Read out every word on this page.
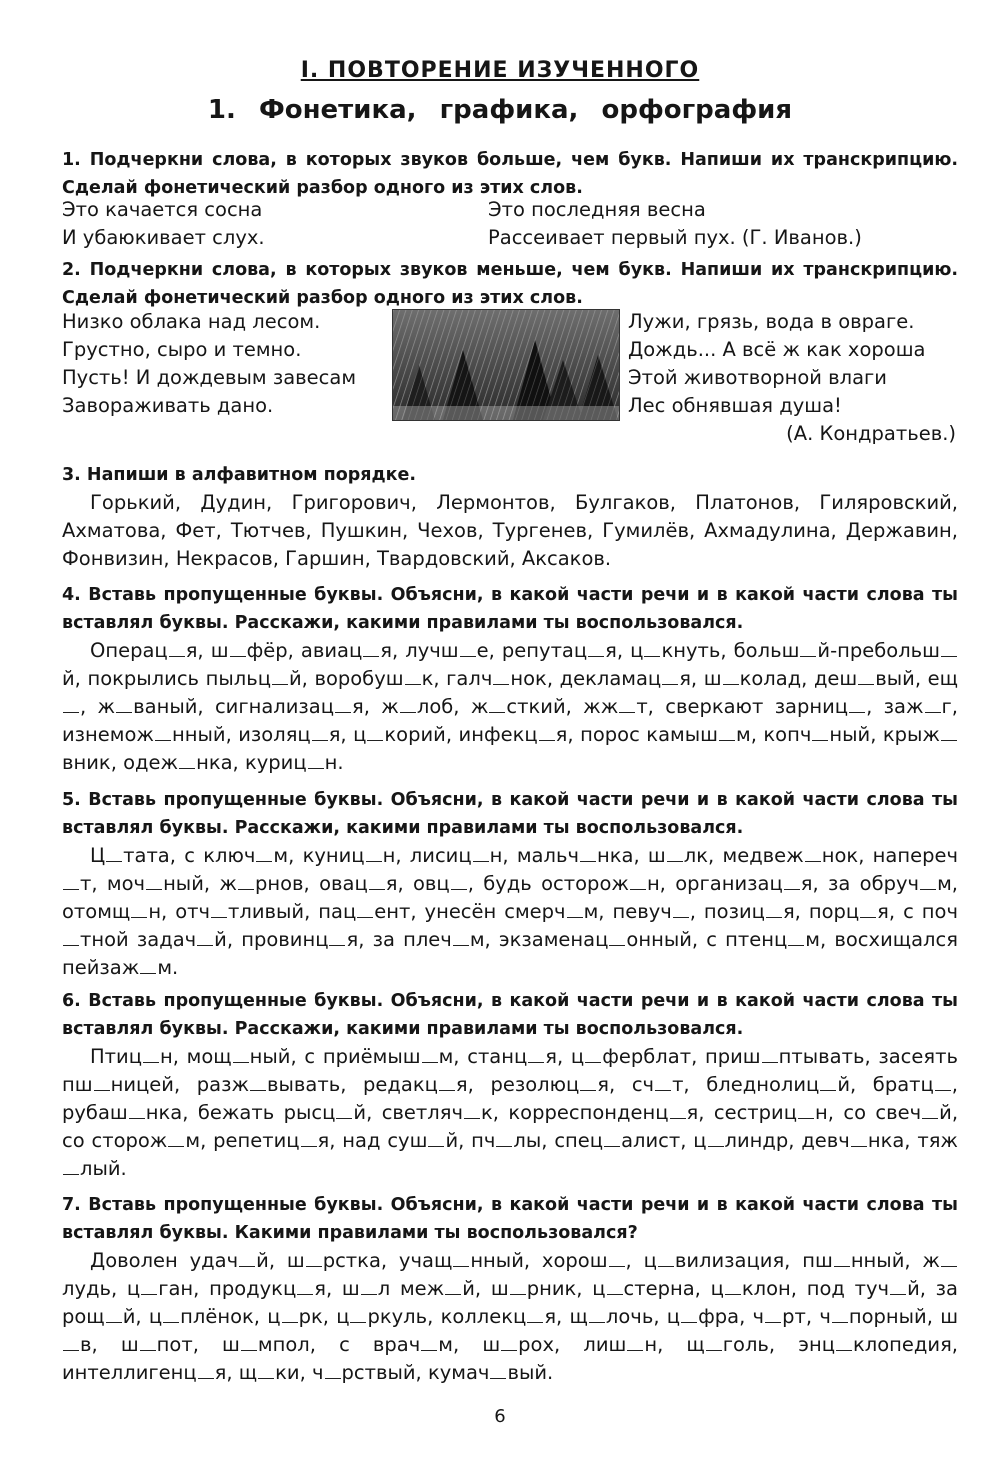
I. ПОВТОРЕНИЕ ИЗУЧЕННОГО
1. Фонетика, графика, орфография
1. Подчеркни слова, в которых звуков больше, чем букв. Напиши их транскрипцию. Сделай фонетический разбор одного из этих слов.
Это качается сосна
И убаюкивает слух.
Это последняя весна
Рассеивает первый пух. (Г. Иванов.)
2. Подчеркни слова, в которых звуков меньше, чем букв. Напиши их транскрипцию. Сделай фонетический разбор одного из этих слов.
Низко облака над лесом.
Грустно, сыро и темно.
Пусть! И дождевым завесам
Завораживать дано.
Лужи, грязь, вода в овраге.
Дождь... А всё ж как хороша
Этой животворной влаги
Лес обнявшая душа!
(А. Кондратьев.)
3. Напиши в алфавитном порядке.
Горький, Дудин, Григорович, Лермонтов, Булгаков, Платонов, Гиляровский, Ахматова, Фет, Тютчев, Пушкин, Чехов, Тургенев, Гумилёв, Ахмадулина, Державин, Фонвизин, Некрасов, Гаршин, Твардовский, Аксаков.
4. Вставь пропущенные буквы. Объясни, в какой части речи и в какой части слова ты вставлял буквы. Расскажи, какими правилами ты воспользовался.
Операц я, ш фёр, авиац я, лучш е, репутац я, ц кнуть, больш й-пребольшй, покрылись пыльц й, воробуш к, галч нок, декламац я, ш колад, деш вый, ещ, ж ваный, сигнализац я, ж лоб, ж сткий, жж т, сверкают зарниц , заж г, изнемож нный, изоляц я, ц корий, инфекц я, порос камыш м, копч ный, крыжвник, одеж нка, куриц н.
5. Вставь пропущенные буквы. Объясни, в какой части речи и в какой части слова ты вставлял буквы. Расскажи, какими правилами ты воспользовался.
Ц тата, с ключ м, куниц н, лисиц н, мальч нка, ш лк, медвеж нок, наперечт, моч ный, ж рнов, овац я, овц , будь осторож н, организац я, за обруч м, отомщ н, отч тливый, пац ент, унесён смерч м, певуч , позиц я, порц я, с почтной задач й, провинц я, за плеч м, экзаменац онный, с птенц м, восхищался пейзаж м.
6. Вставь пропущенные буквы. Объясни, в какой части речи и в какой части слова ты вставлял буквы. Расскажи, какими правилами ты воспользовался.
Птиц н, мощ ный, с приёмыш м, станц я, ц ферблат, приш птывать, засеять пш ницей, разж вывать, редакц я, резолюц я, сч т, бледнолиц й, братц , рубаш нка, бежать рысц й, светляч к, корреспонденц я, сестриц н, со свеч й, со сторож м, репетиц я, над суш й, пч лы, спец алист, ц линдр, девч нка, тяжлый.
7. Вставь пропущенные буквы. Объясни, в какой части речи и в какой части слова ты вставлял буквы. Какими правилами ты воспользовался?
Доволен удач й, ш рстка, учащ нный, хорош , ц вилизация, пш нный, жлудь, ц ган, продукц я, ш л меж й, ш рник, ц стерна, ц клон, под туч й, за рощ й, ц плёнок, ц рк, ц ркуль, коллекц я, щ лочь, ц фра, ч рт, ч порный, шв, ш пот, ш мпол, с врач м, ш рох, лиш н, щ голь, энц клопедия, интеллигенц я, щ ки, ч рствый, кумач вый.
6
